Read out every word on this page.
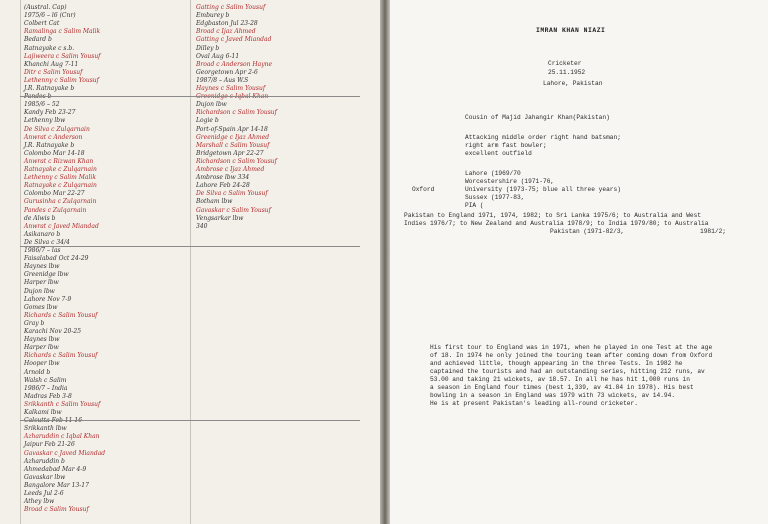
(Austral. Cap)
1975/6 – l6 (Cnr)
Colbert Cat
Ramalinga c Salim Malik
Bedard b
Ratnayake c s.b.
Lajiweera c Salim Yousuf
Khanchi Aug 7-11
Ditr c Salim Yousuf
Lethenny c Salim Yousuf
J.R. Ratnayake b
Pandes b
1985/6 – 52
Kandy Feb 23-27
Lethenny lbw
De Silva c Zulqarnain
Anwrat c Anderson
J.R. Ratnayake b
Colombo Mar 14-18
Anwrat c Rizwan Khan
Ratnayake c Zulqarnain
Lethenny c Salim Malik
Ratnayake c Zulqarnain
Colombo Mar 22-27
Gurusinha c Zulqarnain
Pandes c Zulqarnain
de Alwis b
Anwrat c Javed Miandad
Asikanaro b
De Silva c 34/4
1986/7 – las
Faisalabad Oct 24-29
Haynes lbw
Greenidge lbw
Harper lbw
Dujon lbw
Lahore Nov 7-9
Gomes lbw
Richards c Salim Yousuf
Gray b
Karachi Nov 20-25
Haynes lbw
Harper lbw
Richards c Salim Yousuf
Hooper lbw
Arnold b
Walsh c Salim
1986/7 – India
Madras Feb 3-8
Srikkanth c Salim Yousuf
Kalkami lbw
Calcutta Feb 11-16
Srikkanth lbw
Azharuddin c Iqbal Khan
Jaipur Feb 21-26
Gavaskar c Javed Miandad
Azharuddin b
Ahmedabad Mar 4-9
Gavaskar lbw
Bangalore Mar 13-17
Leeds Jul 2-6
Athey lbw
Broad c Salim Yousuf
Gatting c Salim Yousuf
Emburey b
Edgbaston Jul 23-28
Broad c Ijaz Ahmed
Gatting c Javed Miandad
Dilley b
Oval Aug 6-11
Broad c Anderson Hayne
Georgetown Apr 2-6
1987/8 – Aus W.S
Haynes c Salim Yousuf
Greenidge c Iqbal Khan
Dujon lbw
Richardson c Salim Yousuf
Logie b
Port-of-Spain Apr 14-18
Greenidge c Ijaz Ahmed
Marshall c Salim Yousuf
Bridgetown Apr 22-27
Richardson c Salim Yousuf
Ambrose c Ijaz Ahmed
Ambrose lbw 334
Lahore Feb 24-28
De Silva c Salim Yousuf
Botham lbw
Gavaskar c Salim Yousuf
Vengsarkar lbw
340
IMRAN KHAN NIAZI
Cricketer
25.11.1952
Lahore, Pakistan
Cousin of Majid Jahangir Khan(Pakistan)
Attacking middle order right hand batsman;
right arm fast bowler;
excellent outfield
Lahore (1969/70
Worcestershire (1971-76,
Oxford	University (1973-75; blue all three years)
Sussex (1977-83,
PIA (
Pakistan to England 1971, 1974, 1982; to Sri Lanka 1975/6; to Australia and West
Indies 1976/7; to New Zealand and Australia 1978/9; to India 1979/80; to Australia
1981/2;
Pakistan (1971-82/3,
His first tour to England was in 1971, when he played in one Test at the age
of 18. In 1974 he only joined the touring team after coming down from Oxford
and achieved little, though appearing in the three Tests. In 1982 he
captained the tourists and had an outstanding series, hitting 212 runs, av
53.00 and taking 21 wickets, av 18.57. In all he has hit 1,000 runs in
a season in England four times (best 1,339, av 41.84 in 1978). His best
bowling in a season in England was 1979 with 73 wickets, av 14.94.
He is at present Pakistan's leading all-round cricketer.
